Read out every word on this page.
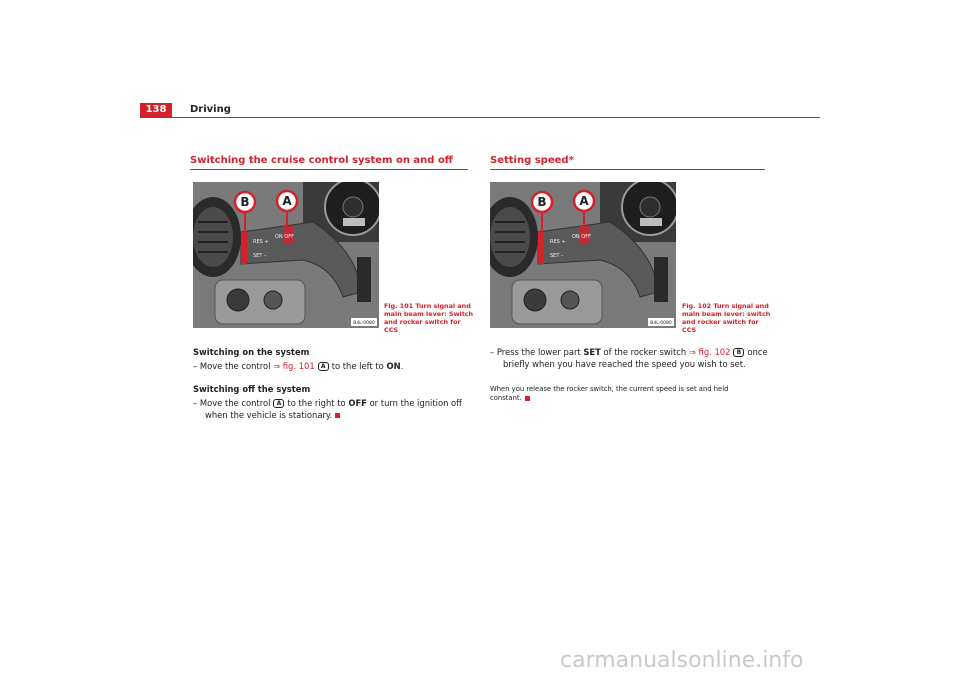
138	Driving
Switching the cruise control system on and off
RES +
SET –
ON OFF
B	A
B4L-0080
Fig. 101 Turn signal and main beam lever: Switch and rocker switch for CCS
Switching on the system
– Move the control ⇒ fig. 101 A to the left to ON.
Switching off the system
– Move the control A to the right to OFF or turn the ignition off
when the vehicle is stationary.
Setting speed*
RES +
SET –
ON OFF
B	A
B4L-0080
Fig. 102 Turn signal and main beam lever: switch and rocker switch for CCS
– Press the lower part SET of the rocker switch ⇒ fig. 102 B once
briefly when you have reached the speed you wish to set.
When you release the rocker switch, the current speed is set and held constant.
carmanualsonline.info
